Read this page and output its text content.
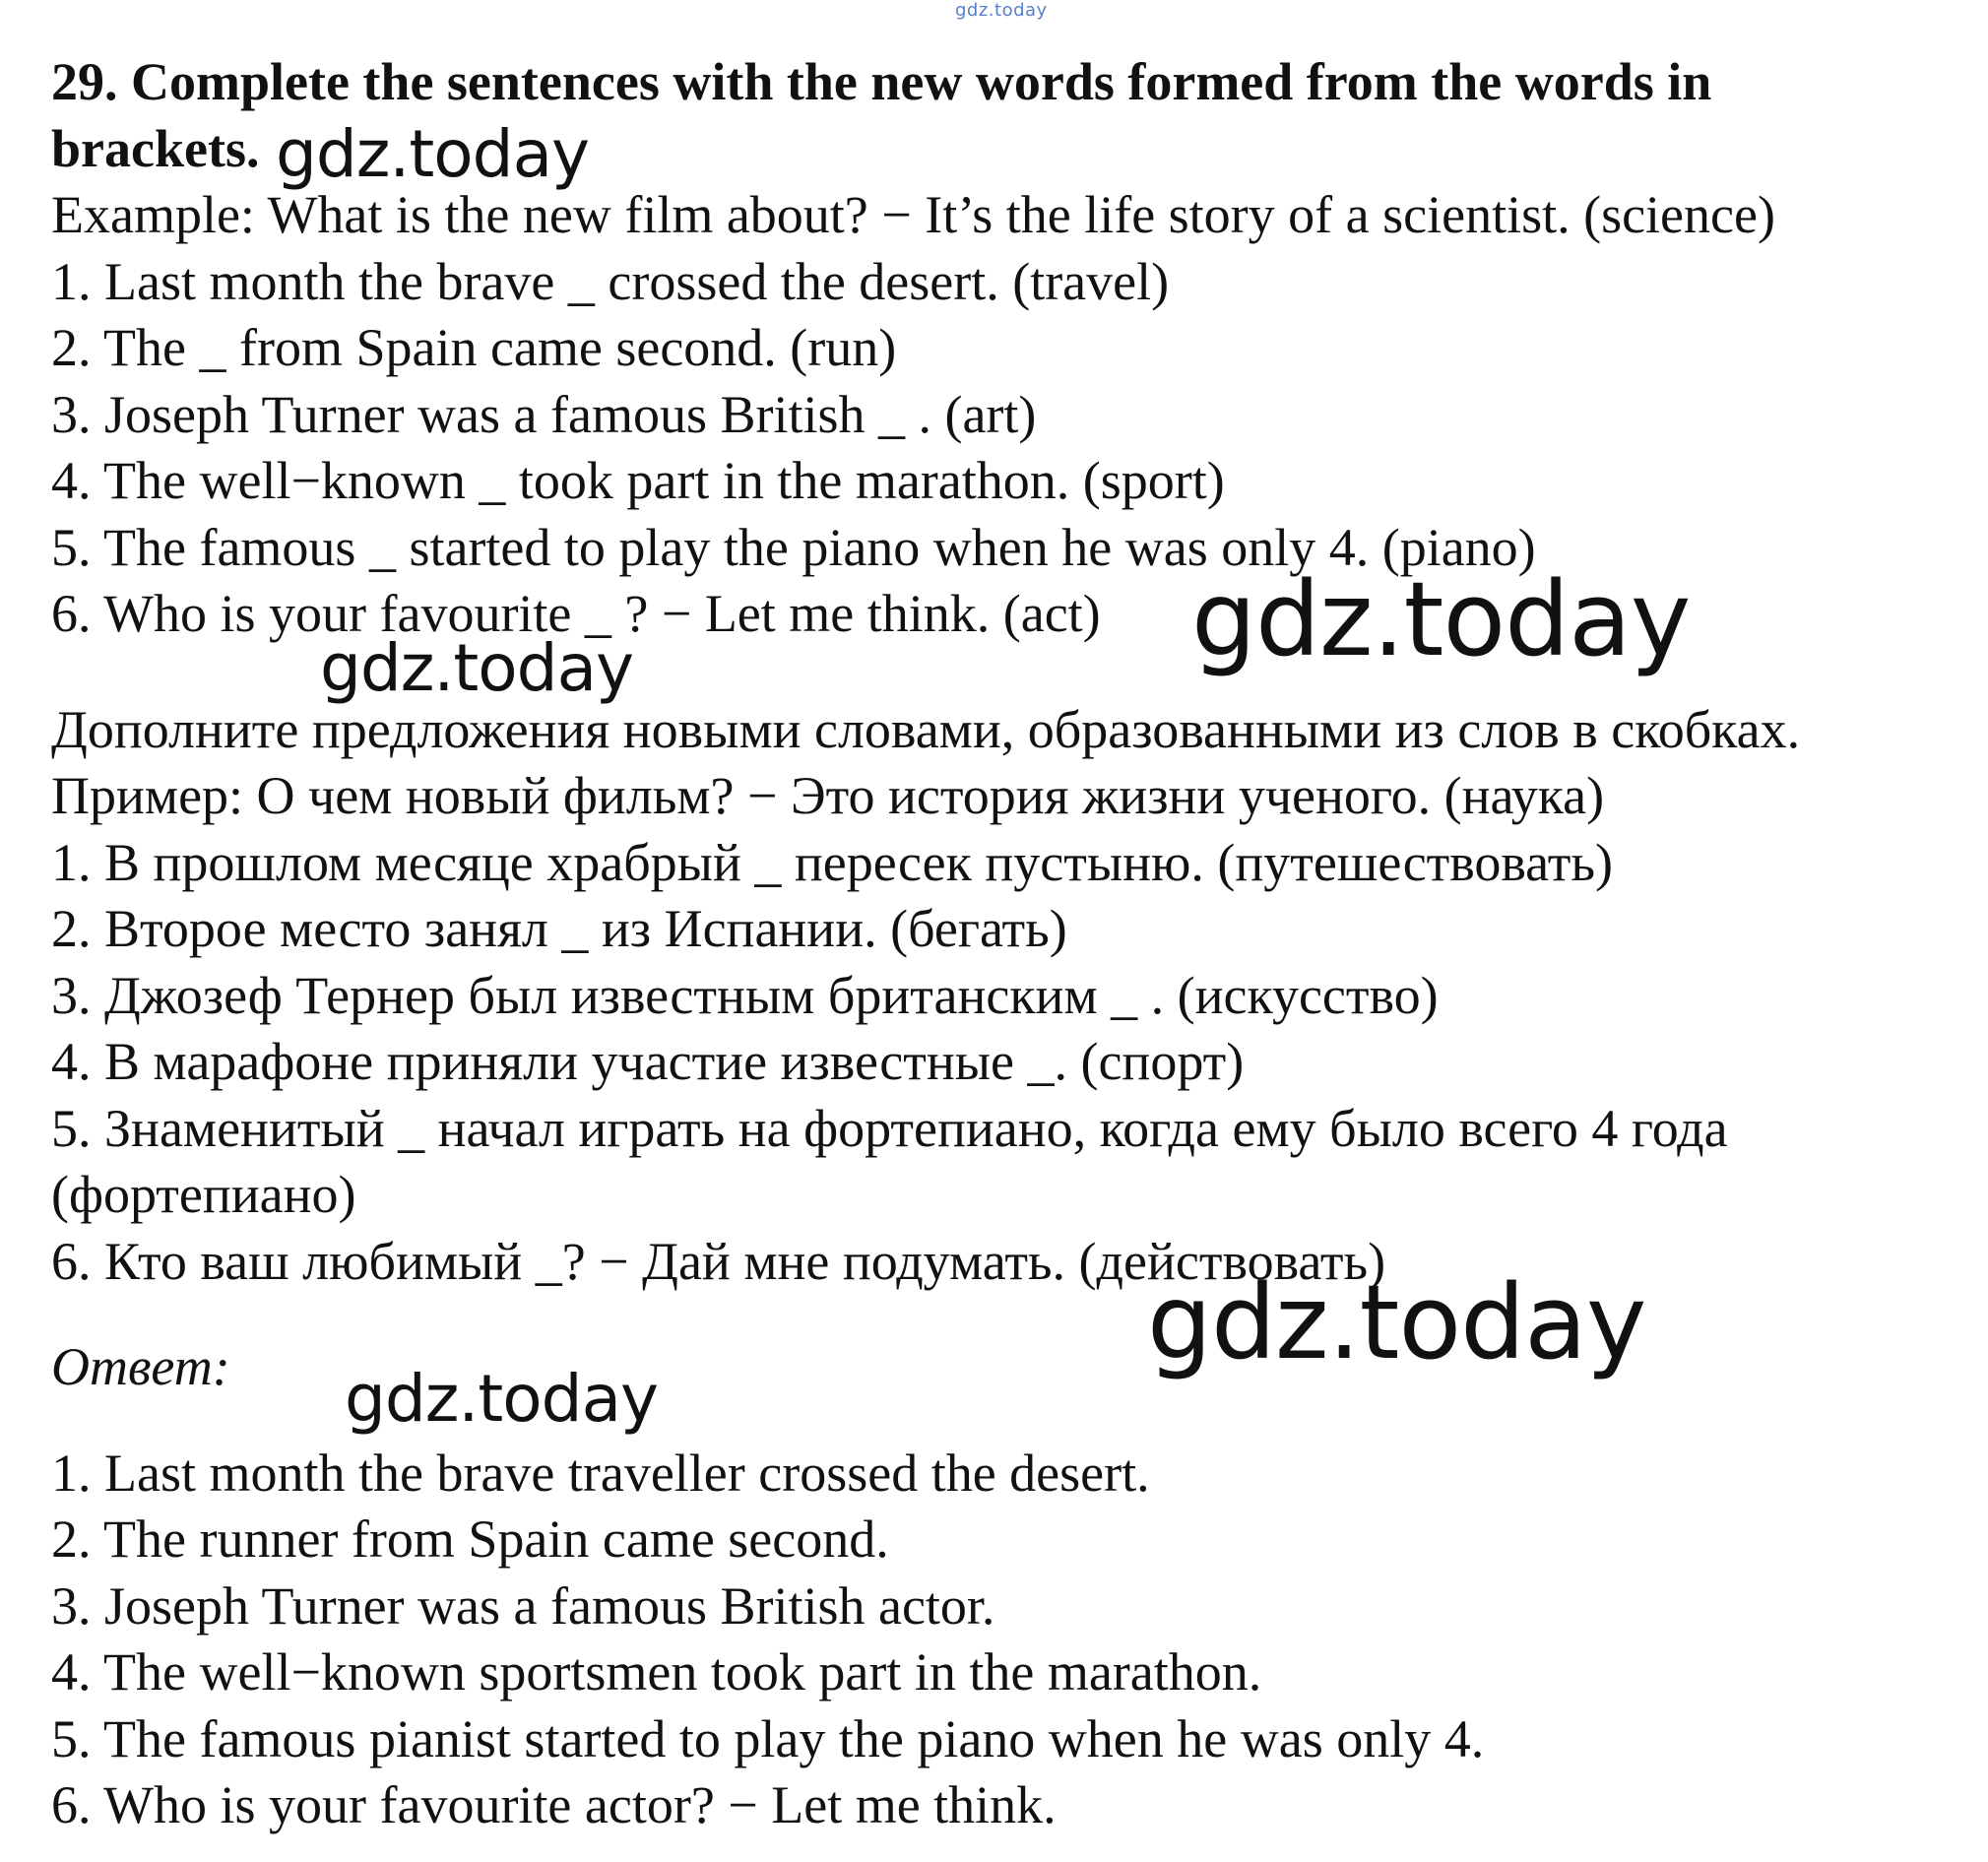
gdz.today
29. Complete the sentences with the new words formed from the words in brackets.
Example: What is the new film about? − It’s the life story of a scientist. (science)
1. Last month the brave _ crossed the desert. (travel)
2. The _ from Spain came second. (run)
3. Joseph Turner was a famous British _ . (art)
4. The well−known _ took part in the marathon. (sport)
5. The famous _ started to play the piano when he was only 4. (piano)
6. Who is your favourite _ ? − Let me think. (act)
Дополните предложения новыми словами, образованными из слов в скобках.
Пример: О чем новый фильм? − Это история жизни ученого. (наука)
1. В прошлом месяце храбрый _ пересек пустыню. (путешествовать)
2. Второе место занял _ из Испании. (бегать)
3. Джозеф Тернер был известным британским _ . (искусство)
4. В марафоне приняли участие известные _. (спорт)
5. Знаменитый _ начал играть на фортепиано, когда ему было всего 4 года
(фортепиано)
6. Кто ваш любимый _? − Дай мне подумать. (действовать)
Ответ:
1. Last month the brave traveller crossed the desert.
2. The runner from Spain came second.
3. Joseph Turner was a famous British actor.
4. The well−known sportsmen took part in the marathon.
5. The famous pianist started to play the piano when he was only 4.
6. Who is your favourite actor? − Let me think.
gdz.today
gdz.today
gdz.today
gdz.today
gdz.today
